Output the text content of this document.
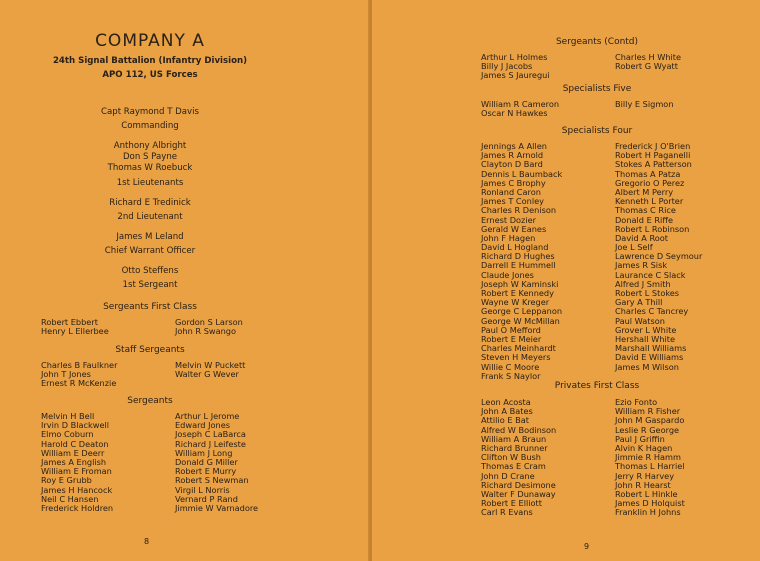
COMPANY A
24th Signal Battalion (Infantry Division)
APO 112, US Forces
Capt Raymond T Davis
Commanding
Anthony Albright
Don S Payne
Thomas W Roebuck
1st Lieutenants
Richard E Tredinick
2nd Lieutenant
James M Leland
Chief Warrant Officer
Otto Steffens
1st Sergeant
Sergeants First Class
Robert Ebbert
Henry L Ellerbee
Gordon S Larson
John R Swango
Staff Sergeants
Charles B Faulkner
John T Jones
Ernest R McKenzie
Melvin W Puckett
Walter G Wever
Sergeants
Melvin H Bell
Irvin D Blackwell
Elmo Coburn
Harold C Deaton
William E Deerr
James A English
William E Froman
Roy E Grubb
James H Hancock
Neil C Hansen
Frederick Holdren
Arthur L Jerome
Edward Jones
Joseph C LaBarca
Richard J Leifeste
William J Long
Donald G Miller
Robert E Murry
Robert S Newman
Virgil L Norris
Vernard P Rand
Jimmie W Varnadore
8
Sergeants (Contd)
Arthur L Holmes
Billy J Jacobs
James S Jauregui
Charles H White
Robert G Wyatt
Specialists Five
William R Cameron
Oscar N Hawkes
Billy E Sigmon
Specialists Four
Jennings A Allen
James R Arnold
Clayton D Bard
Dennis L Baumback
James C Brophy
Ronland Caron
James T Conley
Charles R Denison
Ernest Dozier
Gerald W Eanes
John F Hagen
David L Hogland
Richard D Hughes
Darrell E Hummell
Claude Jones
Joseph W Kaminski
Robert E Kennedy
Wayne W Kreger
George C Leppanon
George W McMillan
Paul O Mefford
Robert E Meier
Charles Meinhardt
Steven H Meyers
Willie C Moore
Frank S Naylor
Frederick J O'Brien
Robert H Paganelli
Stokes A Patterson
Thomas A Patza
Gregorio O Perez
Albert M Perry
Kenneth L Porter
Thomas C Rice
Donald E Riffe
Robert L Robinson
David A Root
Joe L Self
Lawrence D Seymour
James R Sisk
Laurance C Slack
Alfred J Smith
Robert L Stokes
Gary A Thill
Charles C Tancrey
Paul Watson
Grover L White
Hershall White
Marshall Williams
David E Williams
James M Wilson
Privates First Class
Leon Acosta
John A Bates
Attilio E Bat
Alfred W Bodinson
William A Braun
Richard Brunner
Clifton W Bush
Thomas E Cram
John D Crane
Richard Desimone
Walter F Dunaway
Robert E Elliott
Carl R Evans
Ezio Fonto
William R Fisher
John M Gaspardo
Leslie R George
Paul J Griffin
Alvin K Hagen
Jimmie R Hamm
Thomas L Harriel
Jerry R Harvey
John R Hearst
Robert L Hinkle
James D Holquist
Franklin H Johns
9
